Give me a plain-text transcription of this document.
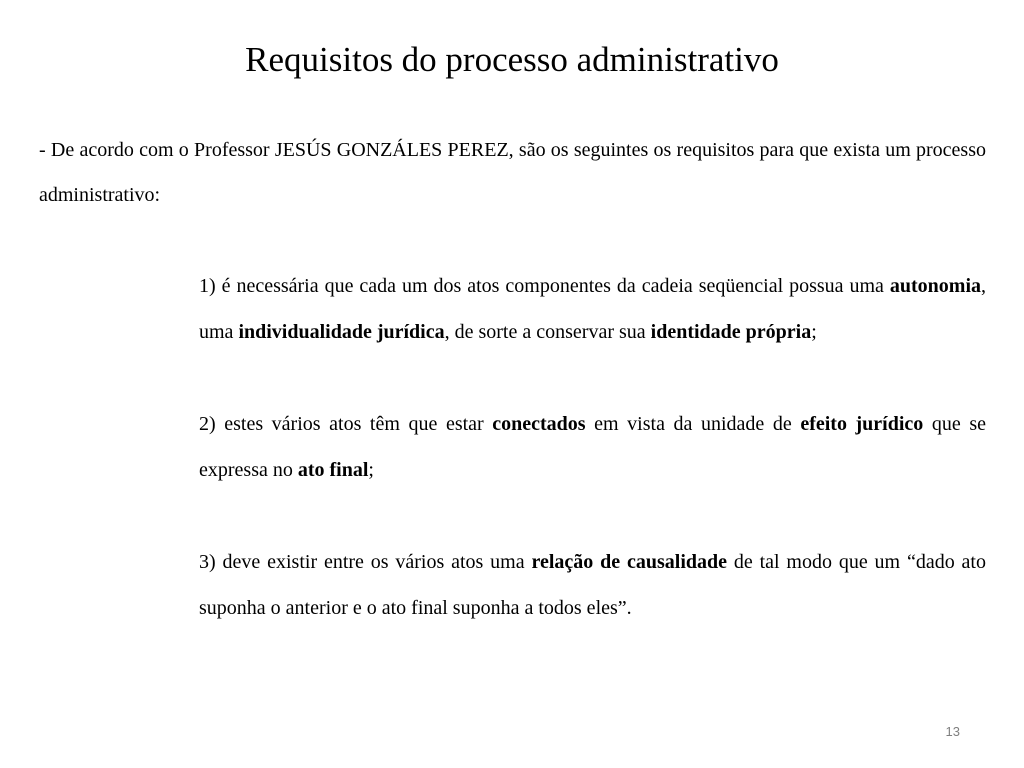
Requisitos do processo administrativo

- De acordo com o Professor JESÚS GONZÁLES PEREZ, são os seguintes os requisitos para que exista um processo administrativo:

1) é necessária que cada um dos atos componentes da cadeia seqüencial possua uma autonomia, uma individualidade jurídica, de sorte a conservar sua identidade própria;

2) estes vários atos têm que estar conectados em vista da unidade de efeito jurídico que se expressa no ato final;

3) deve existir entre os vários atos uma relação de causalidade de tal modo que um “dado ato suponha o anterior e o ato final suponha a todos eles”.

13
